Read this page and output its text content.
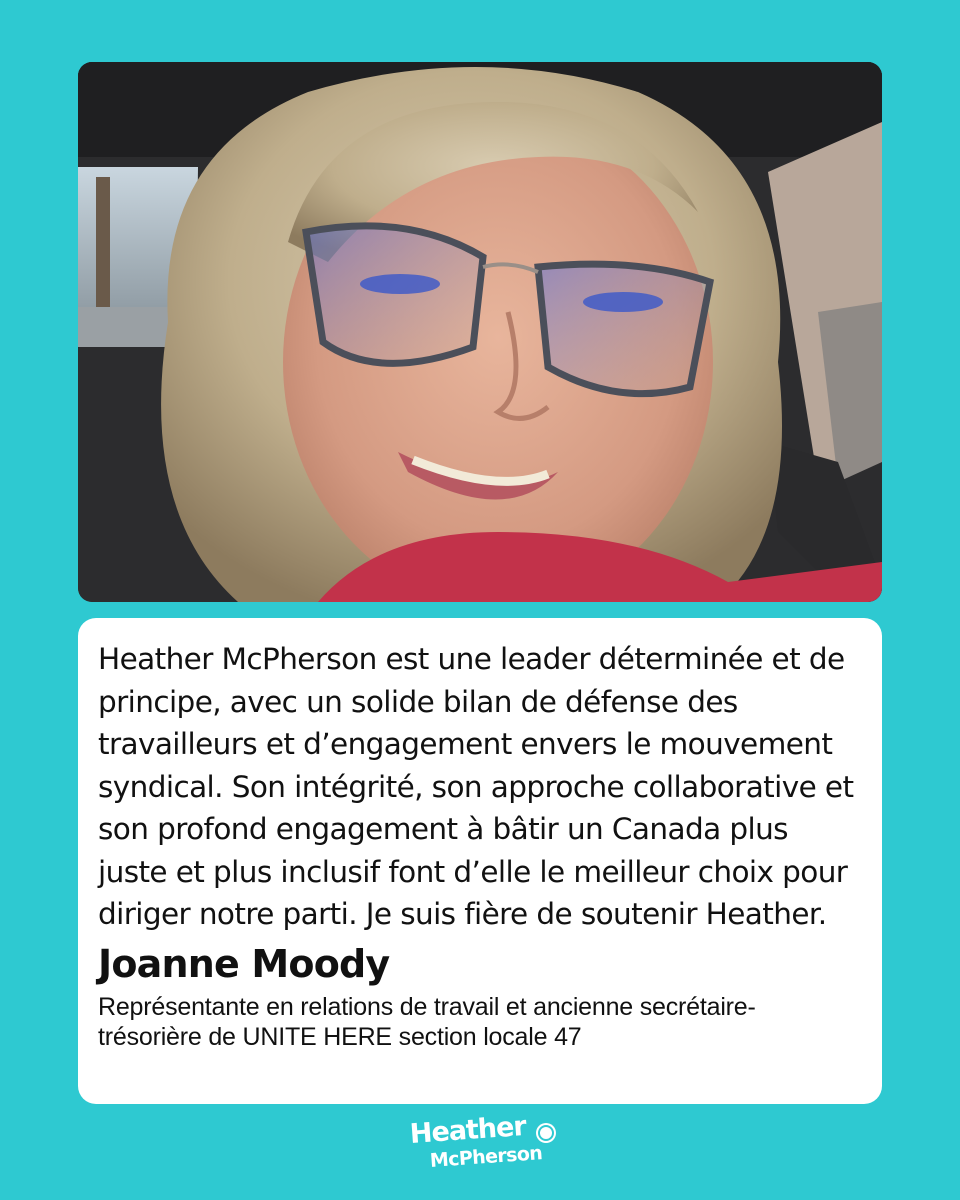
Heather McPherson est une leader déterminée et de principe, avec un solide bilan de défense des travailleurs et d’engagement envers le mouvement syndical. Son intégrité, son approche collaborative et son profond engagement à bâtir un Canada plus juste et plus inclusif font d’elle le meilleur choix pour diriger notre parti. Je suis fière de soutenir Heather.

Joanne Moody
Représentante en relations de travail et ancienne secrétaire-trésorière de UNITE HERE section locale 47
Heather
McPherson
